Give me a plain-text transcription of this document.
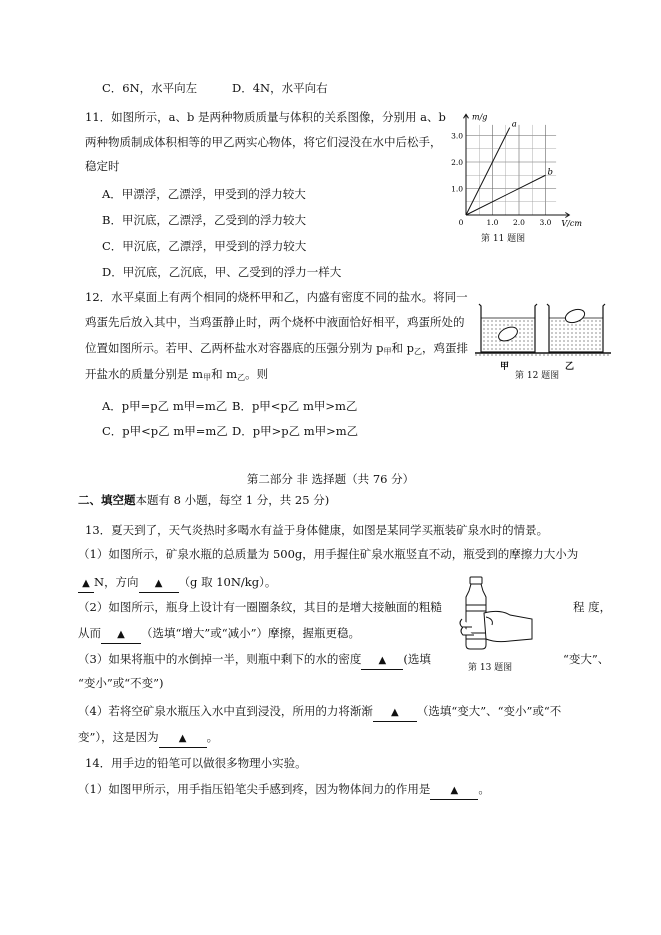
C．6N，水平向左	D．4N，水平向右
11．如图所示，a、b 是两种物质质量与体积的关系图像，分别用 a、b
两种物质制成体积相等的甲乙两实心物体，将它们浸没在水中后松手，
稳定时
A．甲漂浮，乙漂浮，甲受到的浮力较大
B．甲沉底，乙漂浮，乙受到的浮力较大
C．甲沉底，乙漂浮，甲受到的浮力较大
D．甲沉底，乙沉底，甲、乙受到的浮力一样大
m/g
V/cm
1.0 2.0 3.0
1.0
2.0
3.0
0
a
b
第 11 题图
12．水平桌面上有两个相同的烧杯甲和乙，内盛有密度不同的盐水。将同一
鸡蛋先后放入其中，当鸡蛋静止时，两个烧杯中液面恰好相平，鸡蛋所处的
位置如图所示。若甲、乙两杯盐水对容器底的压强分别为 $p_甲$和 $p_乙$，鸡蛋排
开盐水的质量分别是 $m_甲$和 $m_乙$。则
A．p甲=p乙 m甲=m乙 B．p甲<p乙 m甲>m乙
C．p甲<p乙 m甲=m乙 D．p甲>p乙 m甲>m乙
甲	乙
第 12 题图
第二部分 非 选择题（共 76 分）
二、填空题本题有 8 小题，每空 1 分，共 25 分)
13．夏天到了，天气炎热时多喝水有益于身体健康，如图是某同学买瓶装矿泉水时的情景。
（1）如图所示，矿泉水瓶的总质量为 500g，用手握住矿泉水瓶竖直不动，瓶受到的摩擦力大小为
▲ N，方向 ▲ （g 取 10N/kg）。
（2）如图所示，瓶身上设计有一圈圈条纹，其目的是增大接触面的粗糙	程 度，
从而 ▲ （选填“增大”或“减小”）摩擦，握瓶更稳。
（3）如果将瓶中的水倒掉一半，则瓶中剩下的水的密度 ▲ (选填	“变大”、
“变小”或“不变”)
（4）若将空矿泉水瓶压入水中直到浸没，所用的力将渐渐 ▲ （选填“变大”、“变小”或“不
变”），这是因为 ▲ 。
第 13 题图
14．用手边的铅笔可以做很多物理小实验。
（1）如图甲所示，用手指压铅笔尖手感到疼，因为物体间力的作用是 ▲ 。
